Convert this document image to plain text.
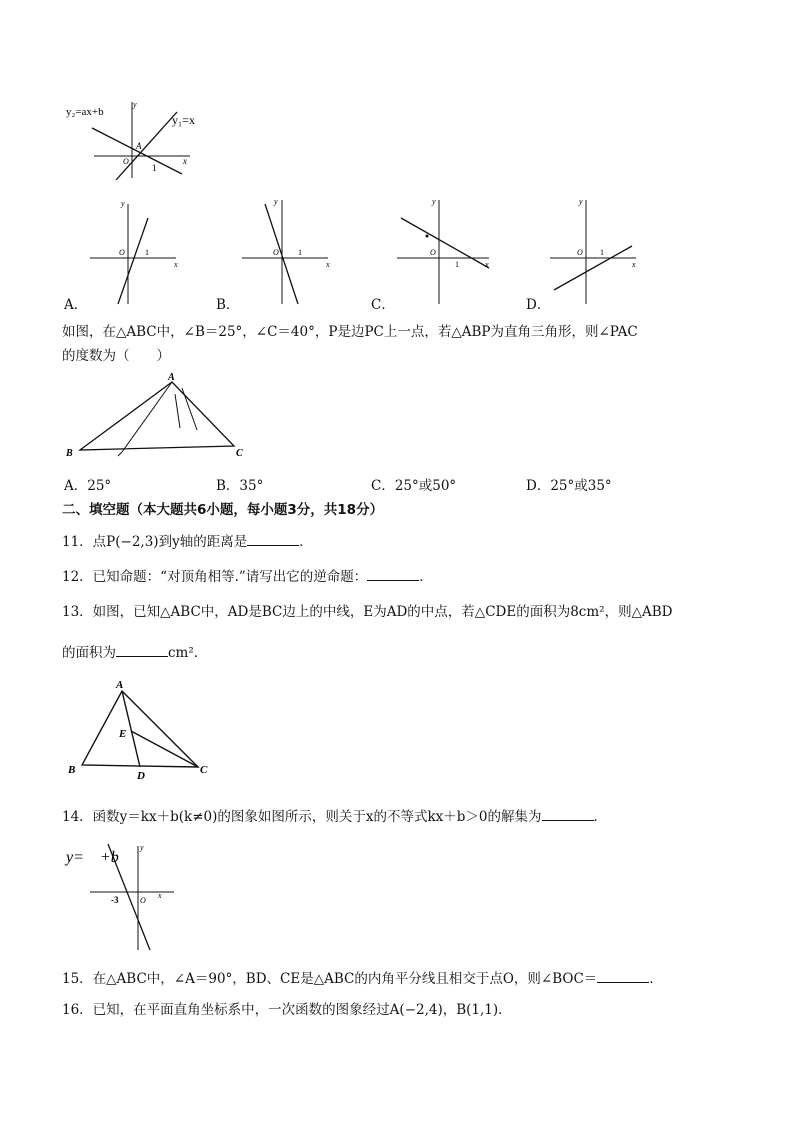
y₂=ax+b
y₁=x
A
O
1
x
y
y
O	1
x
y
O 1
x
y
O
1	x
y
O 1
x
A．	B．	C．	D．
如图，在△ABC中，∠B＝25°，∠C＝40°，P是边PC上一点，若△ABP为直角三角形，则∠PAC
的度数为（　　）
A
B	C
A．25°	B．35°	C．25°或50°	D．25°或35°
二、填空题（本大题共6小题，每小题3分，共18分）
11．点P(−2,3)到y轴的距离是	．
12．已知命题：“对顶角相等.”请写出它的逆命题：	．
13．如图，已知△ABC中，AD是BC边上的中线，E为AD的中点，若△CDE的面积为8cm²，则△ABD
的面积为	cm²．
A
B	C
D
E
14．函数y＝kx＋b(k≠0)的图象如图所示，则关于x的不等式kx＋b＞0的解集为	．
y=　+b
y
x
O
-3
15．在△ABC中，∠A＝90°，BD、CE是△ABC的内角平分线且相交于点O，则∠BOC＝	．
16．已知，在平面直角坐标系中，一次函数的图象经过A(−2,4)，B(1,1)．
